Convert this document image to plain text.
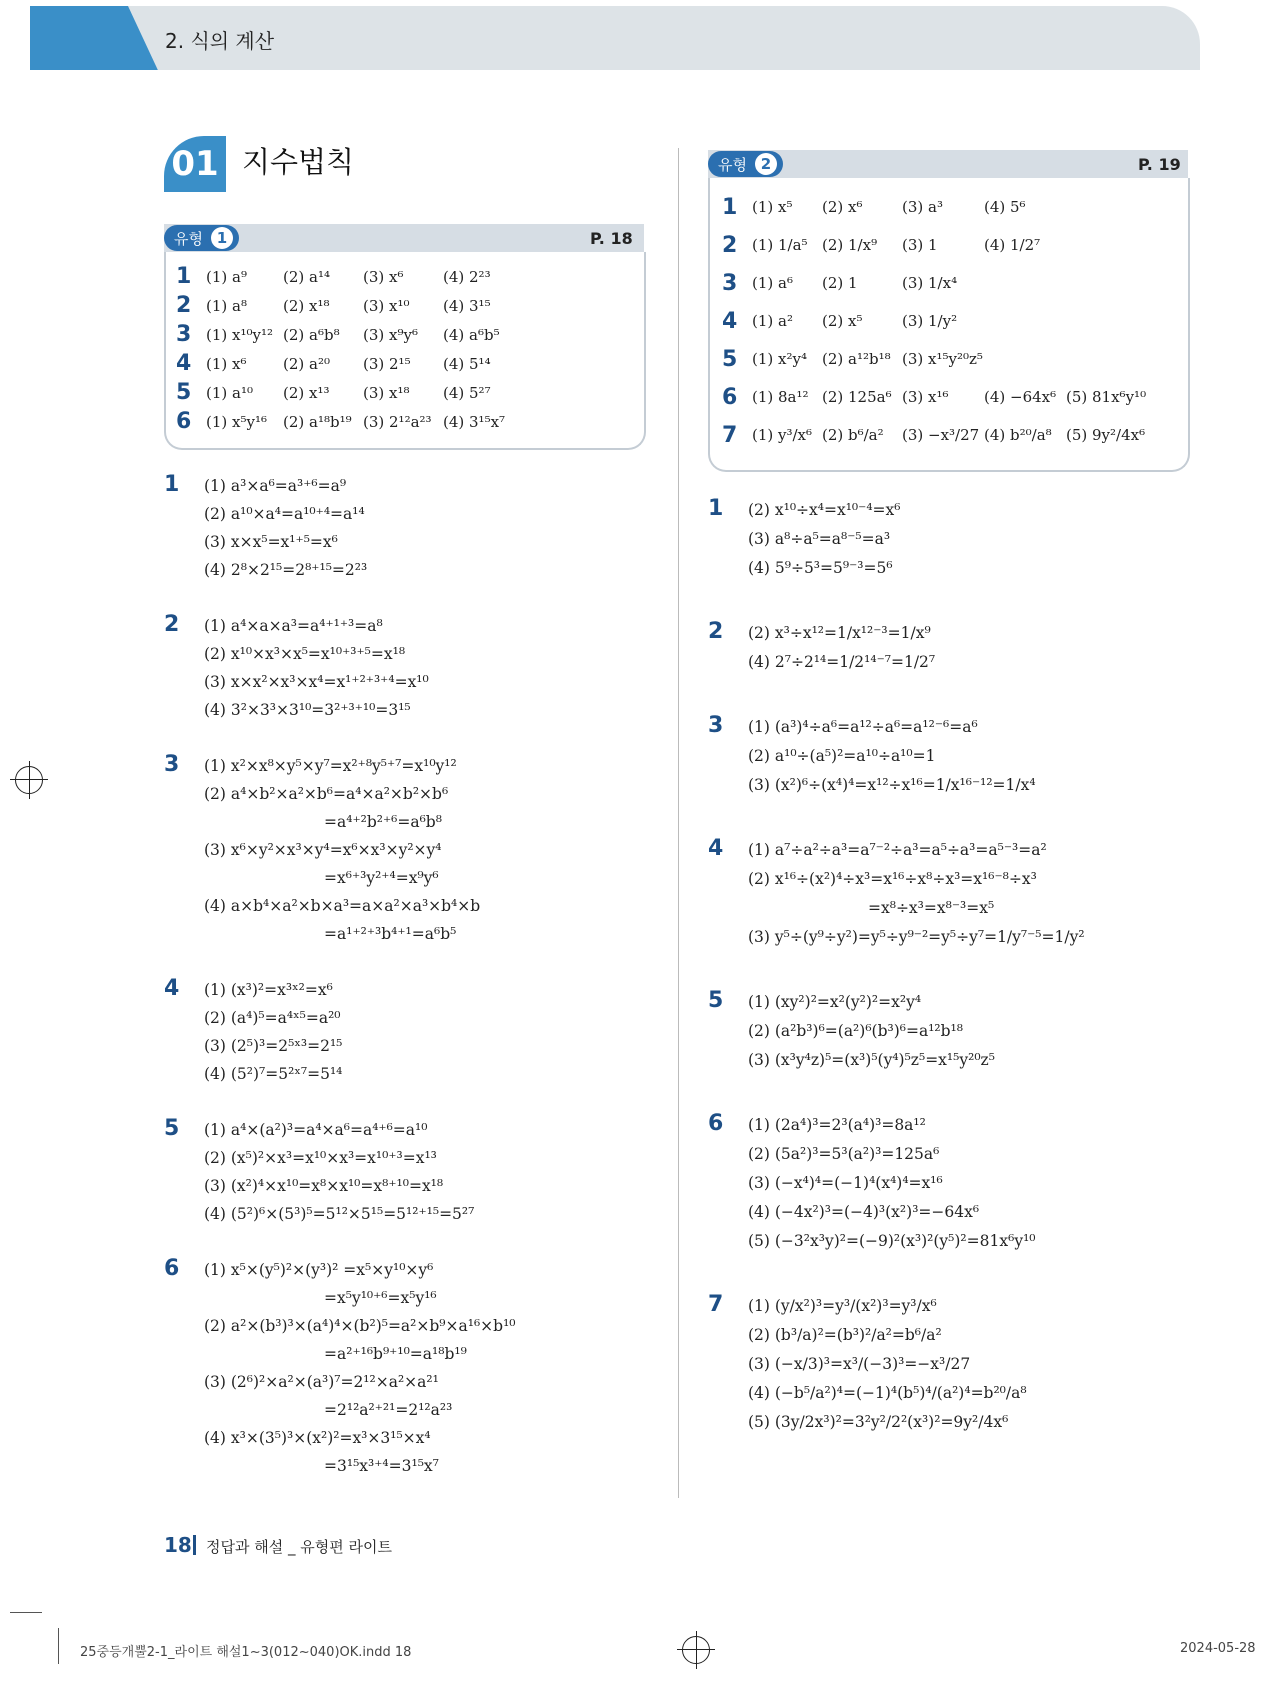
2. 식의 계산
01 지수법칙
유형 1	P. 18
1 (1) a⁹	(2) a¹⁴	(3) x⁶	(4) 2²³
2 (1) a⁸	(2) x¹⁸	(3) x¹⁰	(4) 3¹⁵
3 (1) x¹⁰y¹² (2) a⁶b⁸	(3) x⁹y⁶	(4) a⁶b⁵
4 (1) x⁶	(2) a²⁰	(3) 2¹⁵	(4) 5¹⁴
5 (1) a¹⁰	(2) x¹³	(3) x¹⁸	(4) 5²⁷
6 (1) x⁵y¹⁶	(2) a¹⁸b¹⁹ (3) 2¹²a²³ (4) 3¹⁵x⁷
유형 2	P. 19
1 (1) x⁵	(2) x⁶	(3) a³	(4) 5⁶
2 (1) 1/a⁵ (2) 1/x⁹	(3) 1	(4) 1/2⁷
3 (1) a⁶	(2) 1	(3) 1/x⁴
4 (1) a²	(2) x⁵	(3) 1/y²
5 (1) x²y⁴	(2) a¹²b¹⁸ (3) x¹⁵y²⁰z⁵
6 (1) 8a¹² (2) 125a⁶ (3) x¹⁶	(4) −64x⁶ (5) 81x⁶y¹⁰
7 (1) y³/x⁶ (2) b⁶/a²	(3) −x³/27 (4) b²⁰/a⁸ (5) 9y²/4x⁶
1 (1) a³×a⁶=a³⁺⁶=a⁹
(2) a¹⁰×a⁴=a¹⁰⁺⁴=a¹⁴
(3) x×x⁵=x¹⁺⁵=x⁶
(4) 2⁸×2¹⁵=2⁸⁺¹⁵=2²³
2 (1) a⁴×a×a³=a⁴⁺¹⁺³=a⁸
(2) x¹⁰×x³×x⁵=x¹⁰⁺³⁺⁵=x¹⁸
(3) x×x²×x³×x⁴=x¹⁺²⁺³⁺⁴=x¹⁰
(4) 3²×3³×3¹⁰=3²⁺³⁺¹⁰=3¹⁵
3 (1) x²×x⁸×y⁵×y⁷=x²⁺⁸y⁵⁺⁷=x¹⁰y¹²
(2) a⁴×b²×a²×b⁶=a⁴×a²×b²×b⁶
=a⁴⁺²b²⁺⁶=a⁶b⁸
(3) x⁶×y²×x³×y⁴=x⁶×x³×y²×y⁴
=x⁶⁺³y²⁺⁴=x⁹y⁶
(4) a×b⁴×a²×b×a³=a×a²×a³×b⁴×b
=a¹⁺²⁺³b⁴⁺¹=a⁶b⁵
4 (1) (x³)²=x³ˣ²=x⁶
(2) (a⁴)⁵=a⁴ˣ⁵=a²⁰
(3) (2⁵)³=2⁵ˣ³=2¹⁵
(4) (5²)⁷=5²ˣ⁷=5¹⁴
5 (1) a⁴×(a²)³=a⁴×a⁶=a⁴⁺⁶=a¹⁰
(2) (x⁵)²×x³=x¹⁰×x³=x¹⁰⁺³=x¹³
(3) (x²)⁴×x¹⁰=x⁸×x¹⁰=x⁸⁺¹⁰=x¹⁸
(4) (5²)⁶×(5³)⁵=5¹²×5¹⁵=5¹²⁺¹⁵=5²⁷
6 (1) x⁵×(y⁵)²×(y³)² =x⁵×y¹⁰×y⁶
=x⁵y¹⁰⁺⁶=x⁵y¹⁶
(2) a²×(b³)³×(a⁴)⁴×(b²)⁵=a²×b⁹×a¹⁶×b¹⁰
=a²⁺¹⁶b⁹⁺¹⁰=a¹⁸b¹⁹
(3) (2⁶)²×a²×(a³)⁷=2¹²×a²×a²¹
=2¹²a²⁺²¹=2¹²a²³
(4) x³×(3⁵)³×(x²)²=x³×3¹⁵×x⁴
=3¹⁵x³⁺⁴=3¹⁵x⁷
1 (2) x¹⁰÷x⁴=x¹⁰⁻⁴=x⁶
(3) a⁸÷a⁵=a⁸⁻⁵=a³
(4) 5⁹÷5³=5⁹⁻³=5⁶
2 (2) x³÷x¹²=1/x¹²⁻³=1/x⁹
(4) 2⁷÷2¹⁴=1/2¹⁴⁻⁷=1/2⁷
3 (1) (a³)⁴÷a⁶=a¹²÷a⁶=a¹²⁻⁶=a⁶
(2) a¹⁰÷(a⁵)²=a¹⁰÷a¹⁰=1
(3) (x²)⁶÷(x⁴)⁴=x¹²÷x¹⁶=1/x¹⁶⁻¹²=1/x⁴
4 (1) a⁷÷a²÷a³=a⁷⁻²÷a³=a⁵÷a³=a⁵⁻³=a²
(2) x¹⁶÷(x²)⁴÷x³=x¹⁶÷x⁸÷x³=x¹⁶⁻⁸÷x³
=x⁸÷x³=x⁸⁻³=x⁵
(3) y⁵÷(y⁹÷y²)=y⁵÷y⁹⁻²=y⁵÷y⁷=1/y⁷⁻⁵=1/y²
5 (1) (xy²)²=x²(y²)²=x²y⁴
(2) (a²b³)⁶=(a²)⁶(b³)⁶=a¹²b¹⁸
(3) (x³y⁴z)⁵=(x³)⁵(y⁴)⁵z⁵=x¹⁵y²⁰z⁵
6 (1) (2a⁴)³=2³(a⁴)³=8a¹²
(2) (5a²)³=5³(a²)³=125a⁶
(3) (−x⁴)⁴=(−1)⁴(x⁴)⁴=x¹⁶
(4) (−4x²)³=(−4)³(x²)³=−64x⁶
(5) (−3²x³y)²=(−9)²(x³)²(y⁵)²=81x⁶y¹⁰
7 (1) (y/x²)³=y³/(x²)³=y³/x⁶
(2) (b³/a)²=(b³)²/a²=b⁶/a²
(3) (−x/3)³=x³/(−3)³=−x³/27
(4) (−b⁵/a²)⁴=(−1)⁴(b⁵)⁴/(a²)⁴=b²⁰/a⁸
(5) (3y/2x³)²=3²y²/2²(x³)²=9y²/4x⁶
18 정답과 해설 _ 유형편 라이트
25중등개뿔2-1_라이트 해설1~3(012~040)OK.indd 18	2024-05-28
